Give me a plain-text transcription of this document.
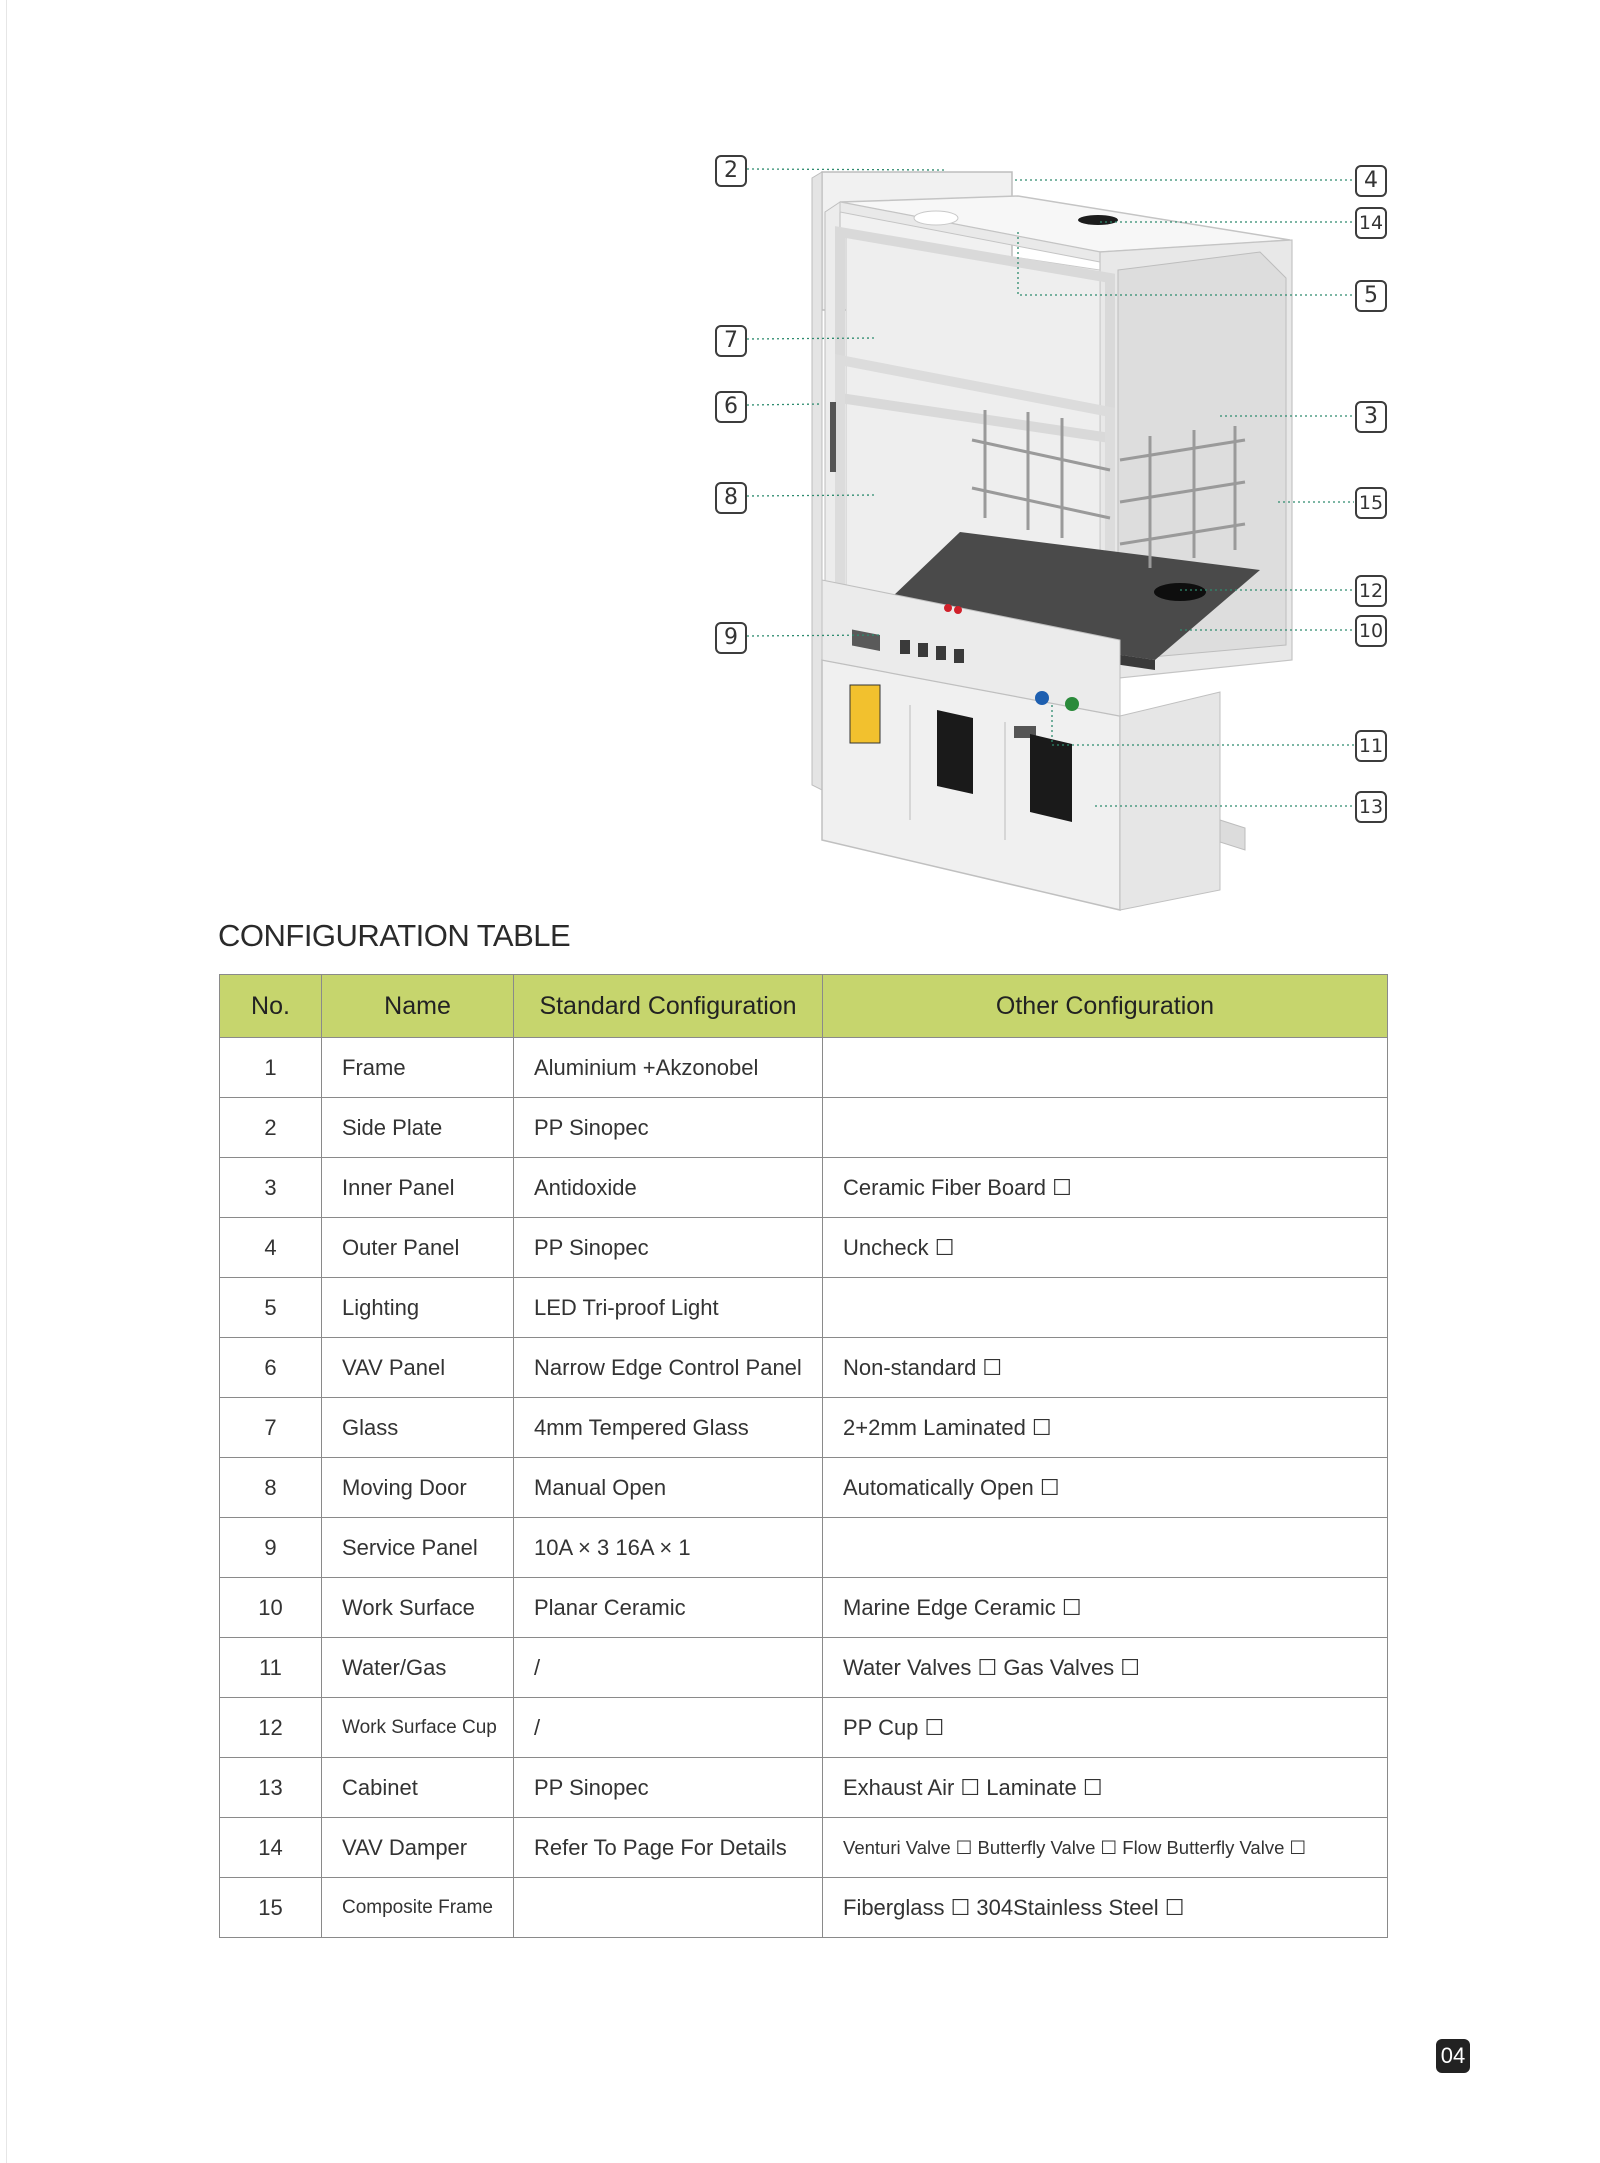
2
7
6
8
9
4
14
5
3
15
12
10
11
13
CONFIGURATION TABLE
No.	Name	Standard Configuration	Other Configuration
1	Frame	Aluminium +Akzonobel	
2	Side Plate	PP Sinopec	
3	Inner Panel	Antidoxide	Ceramic Fiber Board ☐
4	Outer Panel	PP Sinopec	Uncheck ☐
5	Lighting	LED Tri-proof Light	
6	VAV Panel	Narrow Edge Control Panel	Non-standard ☐
7	Glass	4mm Tempered Glass	2+2mm Laminated ☐
8	Moving Door	Manual Open	Automatically Open ☐
9	Service Panel	10A × 3 16A × 1	
10	Work Surface	Planar Ceramic	Marine Edge Ceramic ☐
11	Water/Gas	/	Water Valves ☐ Gas Valves ☐
12	Work Surface Cup	/	PP Cup ☐
13	Cabinet	PP Sinopec	Exhaust Air ☐ Laminate ☐
14	VAV Damper	Refer To Page For Details	Venturi Valve ☐ Butterfly Valve ☐ Flow Butterfly Valve ☐
15	Composite Frame		Fiberglass ☐ 304Stainless Steel ☐
04
